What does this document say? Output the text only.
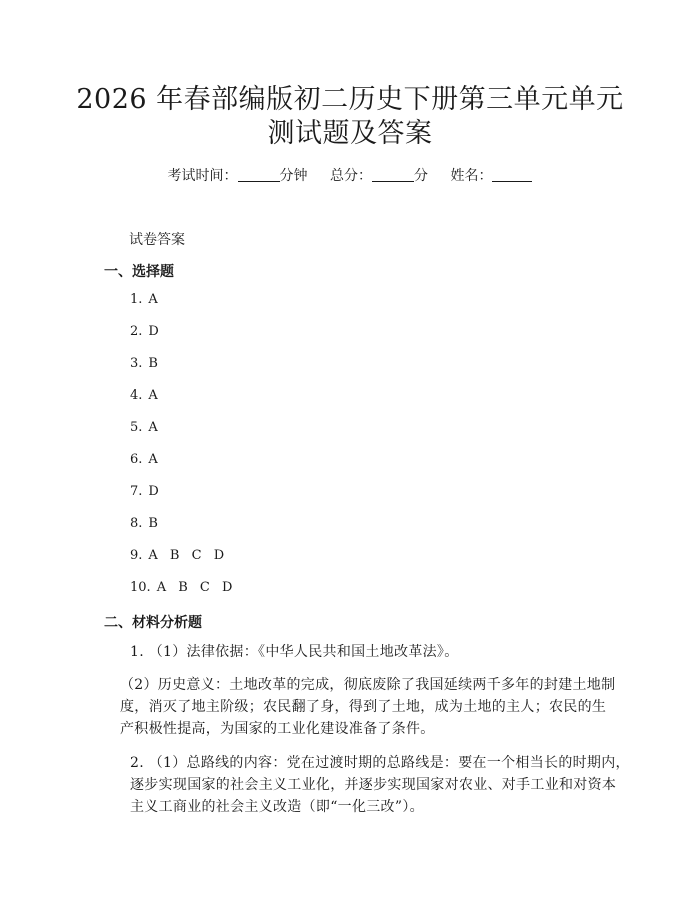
2026 年春部编版初二历史下册第三单元单元
测试题及答案
考试时间：	分钟 总分：	分 姓名：
试卷答案
一、选择题
1. A
2. D
3. B
4. A
5. A
6. A
7. D
8. B
9. A B C D
10. A B C D
二、材料分析题

1. （1）法律依据：《中华人民共和国土地改革法》。

（2）历史意义：土地改革的完成，彻底废除了我国延续两千多年的封建土地制度，消灭了地主阶级；农民翻了身，得到了土地，成为土地的主人；农民的生产积极性提高，为国家的工业化建设准备了条件。

2. （1）总路线的内容：党在过渡时期的总路线是：要在一个相当长的时期内，逐步实现国家的社会主义工业化，并逐步实现国家对农业、对手工业和对资本主义工商业的社会主义改造（即“一化三改”）。
